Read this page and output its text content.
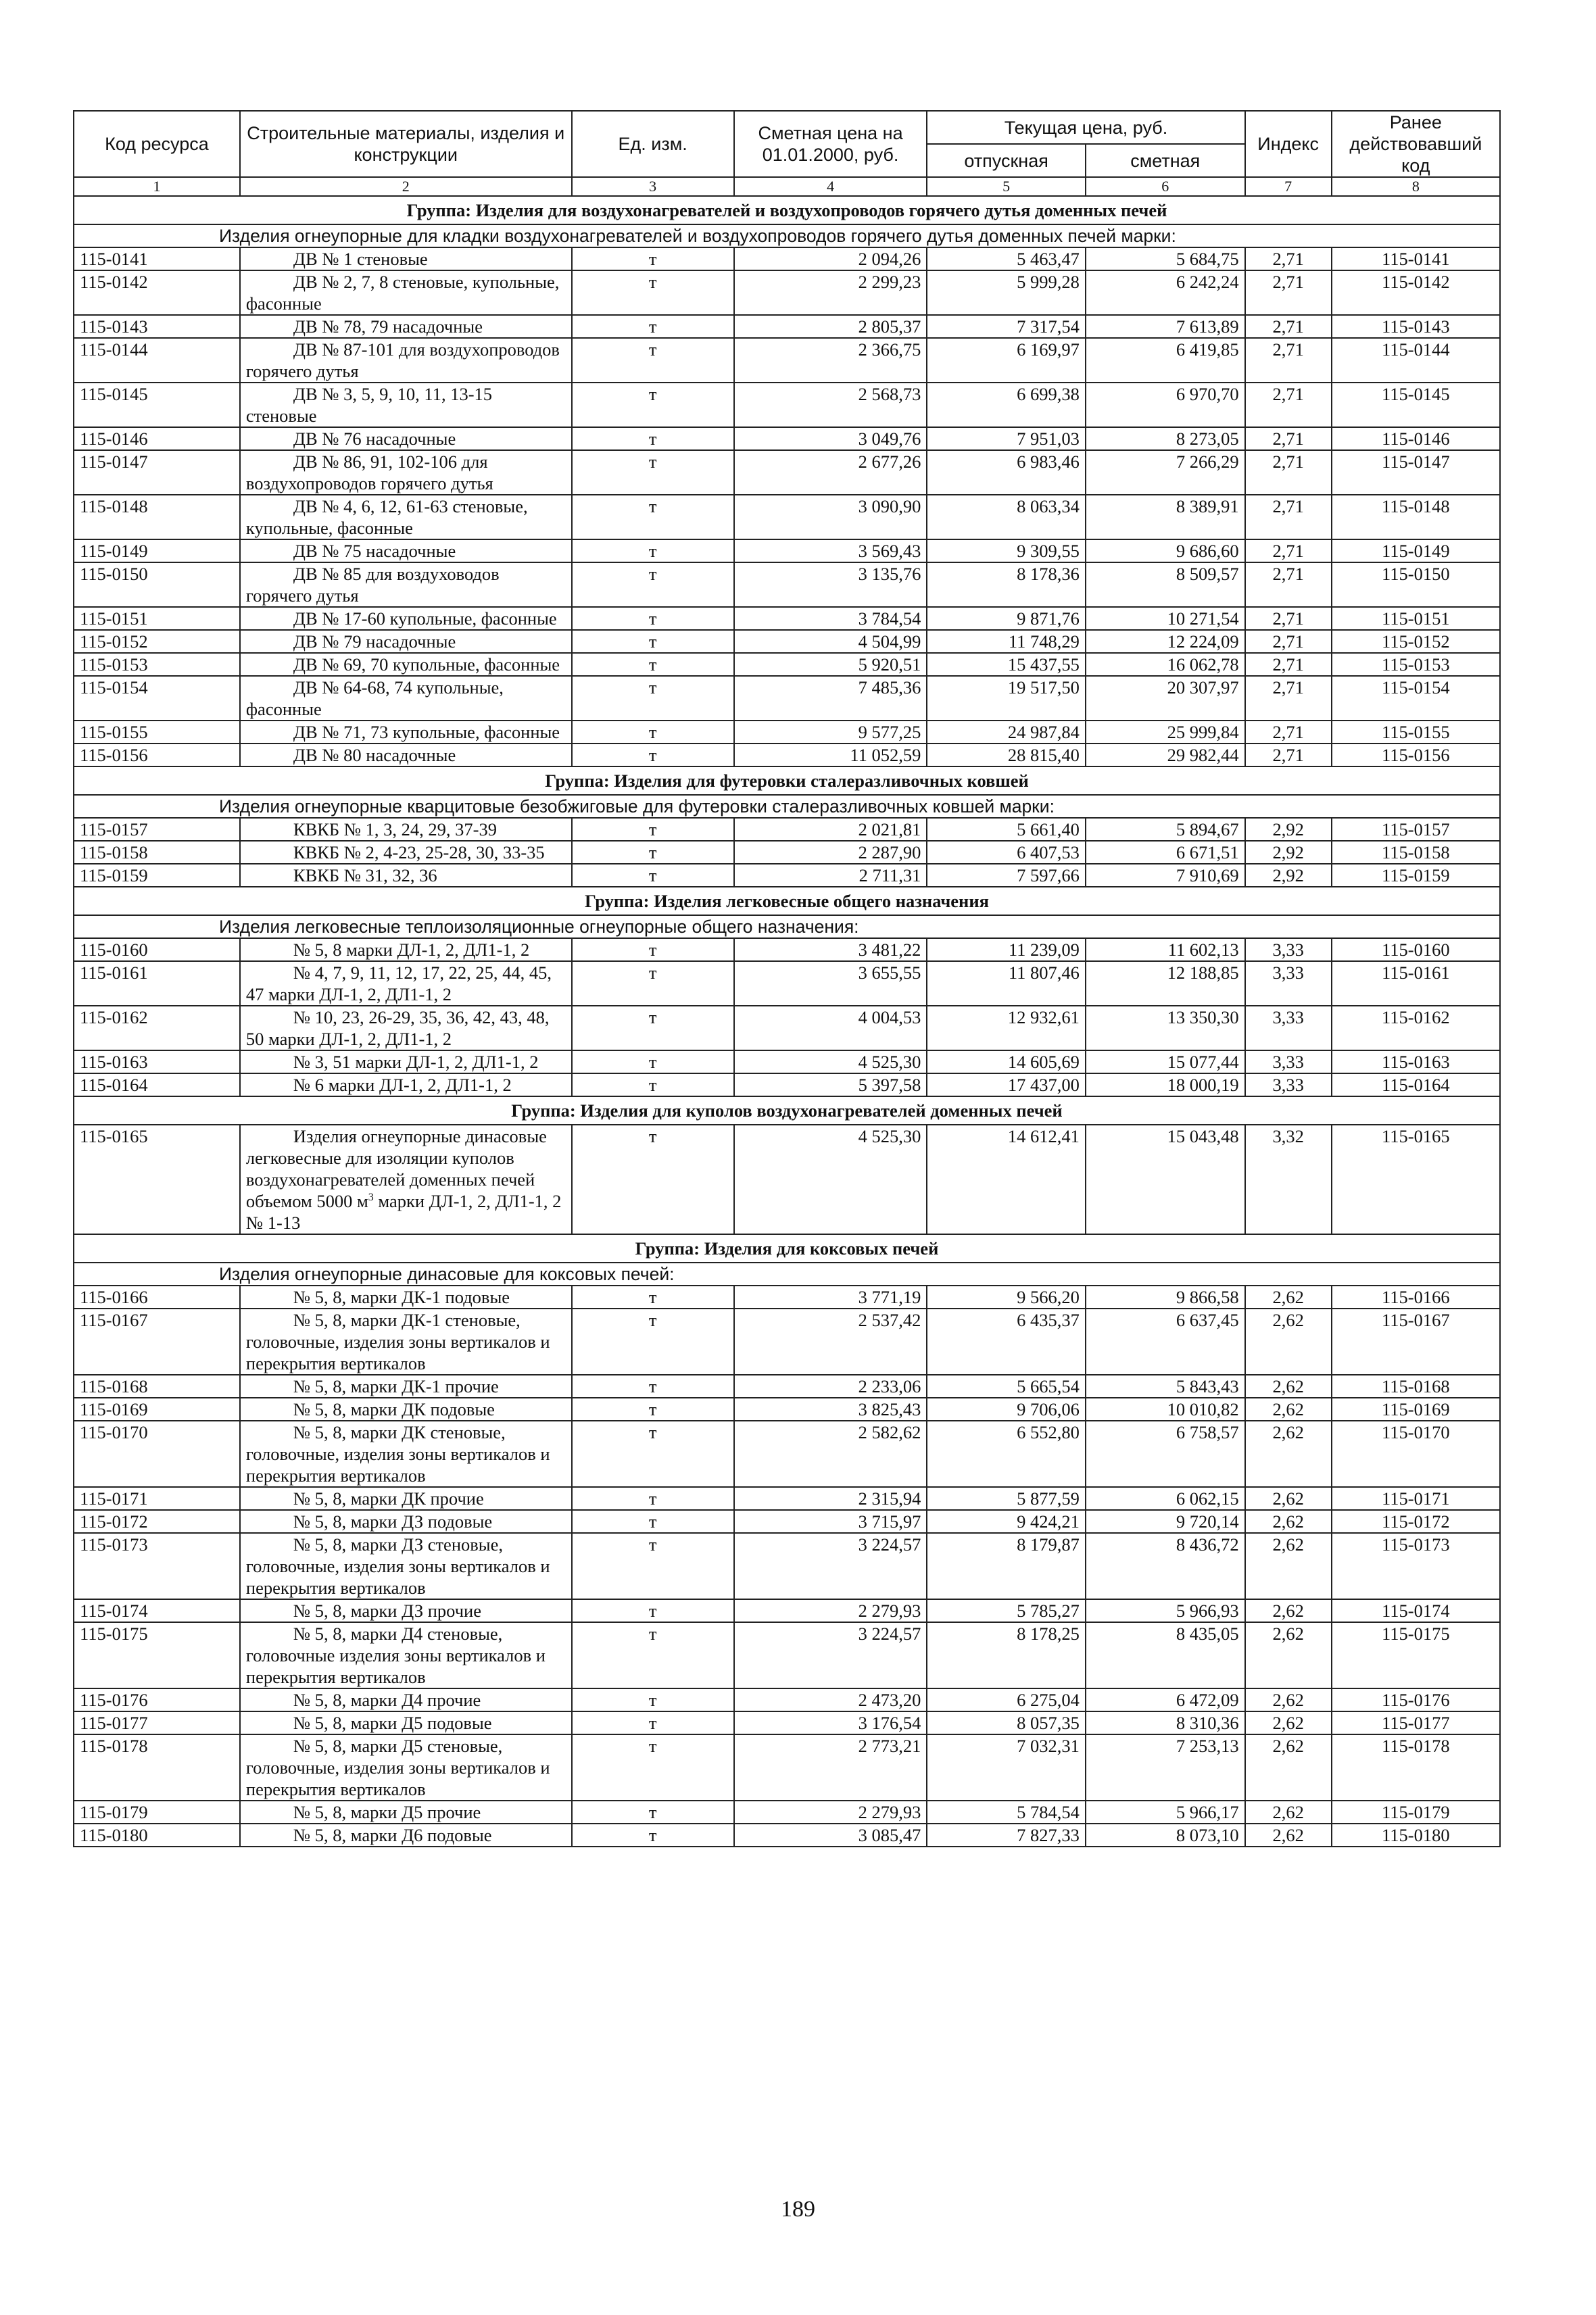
Код ресурса	Строительные материалы, изделия и конструкции	Ед. изм.	Сметная цена на 01.01.2000, руб.	Текущая цена, руб.		Индекс	Ранее действовавший код
				отпускная	сметная		
1	2	3	4	5	6	7	8
Группа: Изделия для воздухонагревателей и воздухопроводов горячего дутья доменных печей							
Изделия огнеупорные для кладки воздухонагревателей и воздухопроводов горячего дутья доменных печей марки:							
115-0141	ДВ № 1 стеновые	т	2 094,26	5 463,47	5 684,75	2,71	115-0141
115-0142	ДВ № 2, 7, 8 стеновые, купольные, фасонные	т	2 299,23	5 999,28	6 242,24	2,71	115-0142
115-0143	ДВ № 78, 79 насадочные	т	2 805,37	7 317,54	7 613,89	2,71	115-0143
115-0144	ДВ № 87-101 для воздухопроводов горячего дутья	т	2 366,75	6 169,97	6 419,85	2,71	115-0144
115-0145	ДВ № 3, 5, 9, 10, 11, 13-15 стеновые	т	2 568,73	6 699,38	6 970,70	2,71	115-0145
115-0146	ДВ № 76 насадочные	т	3 049,76	7 951,03	8 273,05	2,71	115-0146
115-0147	ДВ № 86, 91, 102-106 для воздухопроводов горячего дутья	т	2 677,26	6 983,46	7 266,29	2,71	115-0147
115-0148	ДВ № 4, 6, 12, 61-63 стеновые, купольные, фасонные	т	3 090,90	8 063,34	8 389,91	2,71	115-0148
115-0149	ДВ № 75 насадочные	т	3 569,43	9 309,55	9 686,60	2,71	115-0149
115-0150	ДВ № 85 для воздуховодов горячего дутья	т	3 135,76	8 178,36	8 509,57	2,71	115-0150
115-0151	ДВ № 17-60 купольные, фасонные	т	3 784,54	9 871,76	10 271,54	2,71	115-0151
115-0152	ДВ № 79 насадочные	т	4 504,99	11 748,29	12 224,09	2,71	115-0152
115-0153	ДВ № 69, 70 купольные, фасонные	т	5 920,51	15 437,55	16 062,78	2,71	115-0153
115-0154	ДВ № 64-68, 74 купольные, фасонные	т	7 485,36	19 517,50	20 307,97	2,71	115-0154
115-0155	ДВ № 71, 73 купольные, фасонные	т	9 577,25	24 987,84	25 999,84	2,71	115-0155
115-0156	ДВ № 80 насадочные	т	11 052,59	28 815,40	29 982,44	2,71	115-0156
Группа: Изделия для футеровки сталеразливочных ковшей							
Изделия огнеупорные кварцитовые безобжиговые для футеровки сталеразливочных ковшей марки:							
115-0157	КВКБ № 1, 3, 24, 29, 37-39	т	2 021,81	5 661,40	5 894,67	2,92	115-0157
115-0158	КВКБ № 2, 4-23, 25-28, 30, 33-35	т	2 287,90	6 407,53	6 671,51	2,92	115-0158
115-0159	КВКБ № 31, 32, 36	т	2 711,31	7 597,66	7 910,69	2,92	115-0159
Группа: Изделия легковесные общего назначения							
Изделия легковесные теплоизоляционные огнеупорные общего назначения:							
115-0160	№ 5, 8 марки ДЛ-1, 2, ДЛ1-1, 2	т	3 481,22	11 239,09	11 602,13	3,33	115-0160
115-0161	№ 4, 7, 9, 11, 12, 17, 22, 25, 44, 45, 47 марки ДЛ-1, 2, ДЛ1-1, 2	т	3 655,55	11 807,46	12 188,85	3,33	115-0161
115-0162	№ 10, 23, 26-29, 35, 36, 42, 43, 48, 50 марки ДЛ-1, 2, ДЛ1-1, 2	т	4 004,53	12 932,61	13 350,30	3,33	115-0162
115-0163	№ 3, 51 марки ДЛ-1, 2, ДЛ1-1, 2	т	4 525,30	14 605,69	15 077,44	3,33	115-0163
115-0164	№ 6 марки ДЛ-1, 2, ДЛ1-1, 2	т	5 397,58	17 437,00	18 000,19	3,33	115-0164
Группа: Изделия для куполов воздухонагревателей доменных печей							
115-0165	Изделия огнеупорные динасовые легковесные для изоляции куполов воздухонагревателей доменных печей объемом 5000 $м^3$ марки ДЛ-1, 2, ДЛ1-1, 2 № 1-13	т	4 525,30	14 612,41	15 043,48	3,32	115-0165
Группа: Изделия для коксовых печей							
Изделия огнеупорные динасовые для коксовых печей:							
115-0166	№ 5, 8, марки ДК-1 подовые	т	3 771,19	9 566,20	9 866,58	2,62	115-0166
115-0167	№ 5, 8, марки ДК-1 стеновые, головочные, изделия зоны вертикалов и перекрытия вертикалов	т	2 537,42	6 435,37	6 637,45	2,62	115-0167
115-0168	№ 5, 8, марки ДК-1 прочие	т	2 233,06	5 665,54	5 843,43	2,62	115-0168
115-0169	№ 5, 8, марки ДК подовые	т	3 825,43	9 706,06	10 010,82	2,62	115-0169
115-0170	№ 5, 8, марки ДК стеновые, головочные, изделия зоны вертикалов и перекрытия вертикалов	т	2 582,62	6 552,80	6 758,57	2,62	115-0170
115-0171	№ 5, 8, марки ДК прочие	т	2 315,94	5 877,59	6 062,15	2,62	115-0171
115-0172	№ 5, 8, марки ДЗ подовые	т	3 715,97	9 424,21	9 720,14	2,62	115-0172
115-0173	№ 5, 8, марки ДЗ стеновые, головочные, изделия зоны вертикалов и перекрытия вертикалов	т	3 224,57	8 179,87	8 436,72	2,62	115-0173
115-0174	№ 5, 8, марки ДЗ прочие	т	2 279,93	5 785,27	5 966,93	2,62	115-0174
115-0175	№ 5, 8, марки Д4 стеновые, головочные изделия зоны вертикалов и перекрытия вертикалов	т	3 224,57	8 178,25	8 435,05	2,62	115-0175
115-0176	№ 5, 8, марки Д4 прочие	т	2 473,20	6 275,04	6 472,09	2,62	115-0176
115-0177	№ 5, 8, марки Д5 подовые	т	3 176,54	8 057,35	8 310,36	2,62	115-0177
115-0178	№ 5, 8, марки Д5 стеновые, головочные, изделия зоны вертикалов и перекрытия вертикалов	т	2 773,21	7 032,31	7 253,13	2,62	115-0178
115-0179	№ 5, 8, марки Д5 прочие	т	2 279,93	5 784,54	5 966,17	2,62	115-0179
115-0180	№ 5, 8, марки Д6 подовые	т	3 085,47	7 827,33	8 073,10	2,62	115-0180
189
